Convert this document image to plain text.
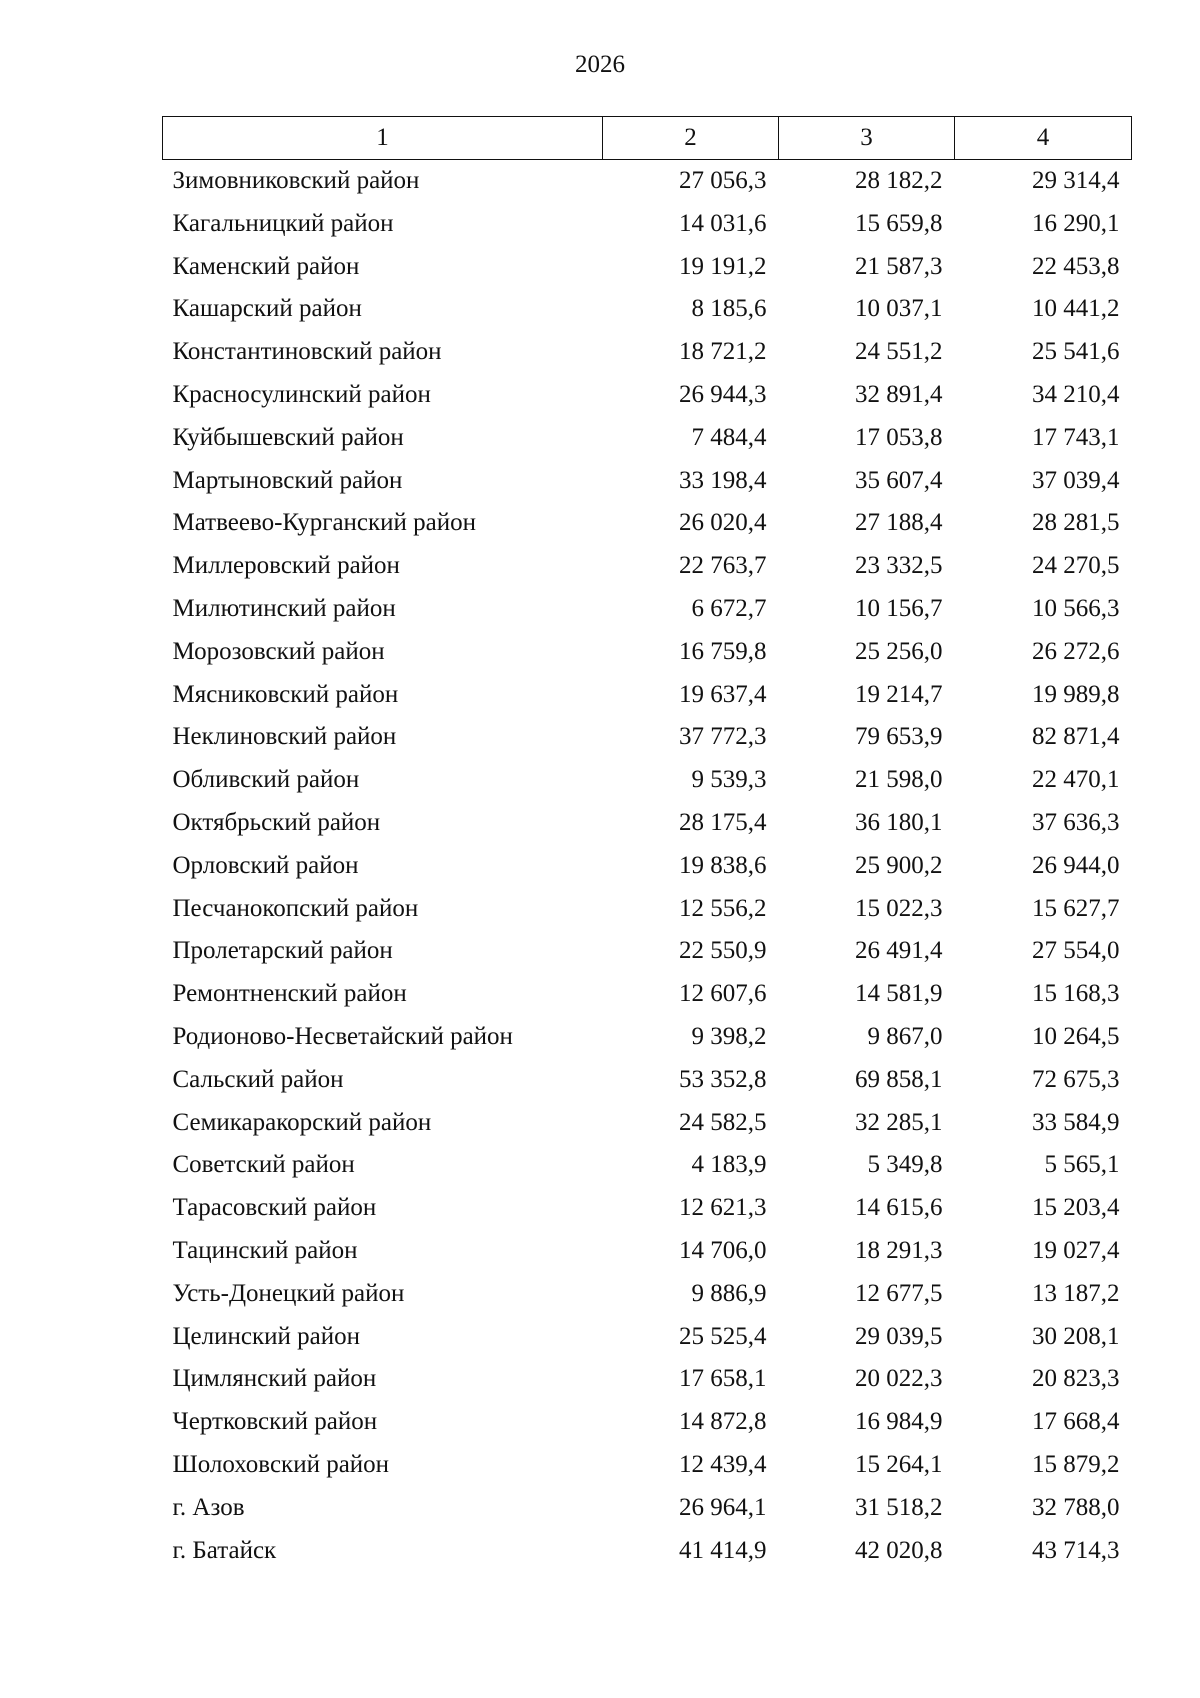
2026
1	2	3	4
Зимовниковский район	27 056,3	28 182,2	29 314,4
Кагальницкий район	14 031,6	15 659,8	16 290,1
Каменский район	19 191,2	21 587,3	22 453,8
Кашарский район	8 185,6	10 037,1	10 441,2
Константиновский район	18 721,2	24 551,2	25 541,6
Красносулинский район	26 944,3	32 891,4	34 210,4
Куйбышевский район	7 484,4	17 053,8	17 743,1
Мартыновский район	33 198,4	35 607,4	37 039,4
Матвеево-Курганский район	26 020,4	27 188,4	28 281,5
Миллеровский район	22 763,7	23 332,5	24 270,5
Милютинский район	6 672,7	10 156,7	10 566,3
Морозовский район	16 759,8	25 256,0	26 272,6
Мясниковский район	19 637,4	19 214,7	19 989,8
Неклиновский район	37 772,3	79 653,9	82 871,4
Обливский район	9 539,3	21 598,0	22 470,1
Октябрьский район	28 175,4	36 180,1	37 636,3
Орловский район	19 838,6	25 900,2	26 944,0
Песчанокопский район	12 556,2	15 022,3	15 627,7
Пролетарский район	22 550,9	26 491,4	27 554,0
Ремонтненский район	12 607,6	14 581,9	15 168,3
Родионово-Несветайский район	9 398,2	9 867,0	10 264,5
Сальский район	53 352,8	69 858,1	72 675,3
Семикаракорский район	24 582,5	32 285,1	33 584,9
Советский район	4 183,9	5 349,8	5 565,1
Тарасовский район	12 621,3	14 615,6	15 203,4
Тацинский район	14 706,0	18 291,3	19 027,4
Усть-Донецкий район	9 886,9	12 677,5	13 187,2
Целинский район	25 525,4	29 039,5	30 208,1
Цимлянский район	17 658,1	20 022,3	20 823,3
Чертковский район	14 872,8	16 984,9	17 668,4
Шолоховский район	12 439,4	15 264,1	15 879,2
г. Азов	26 964,1	31 518,2	32 788,0
г. Батайск	41 414,9	42 020,8	43 714,3
